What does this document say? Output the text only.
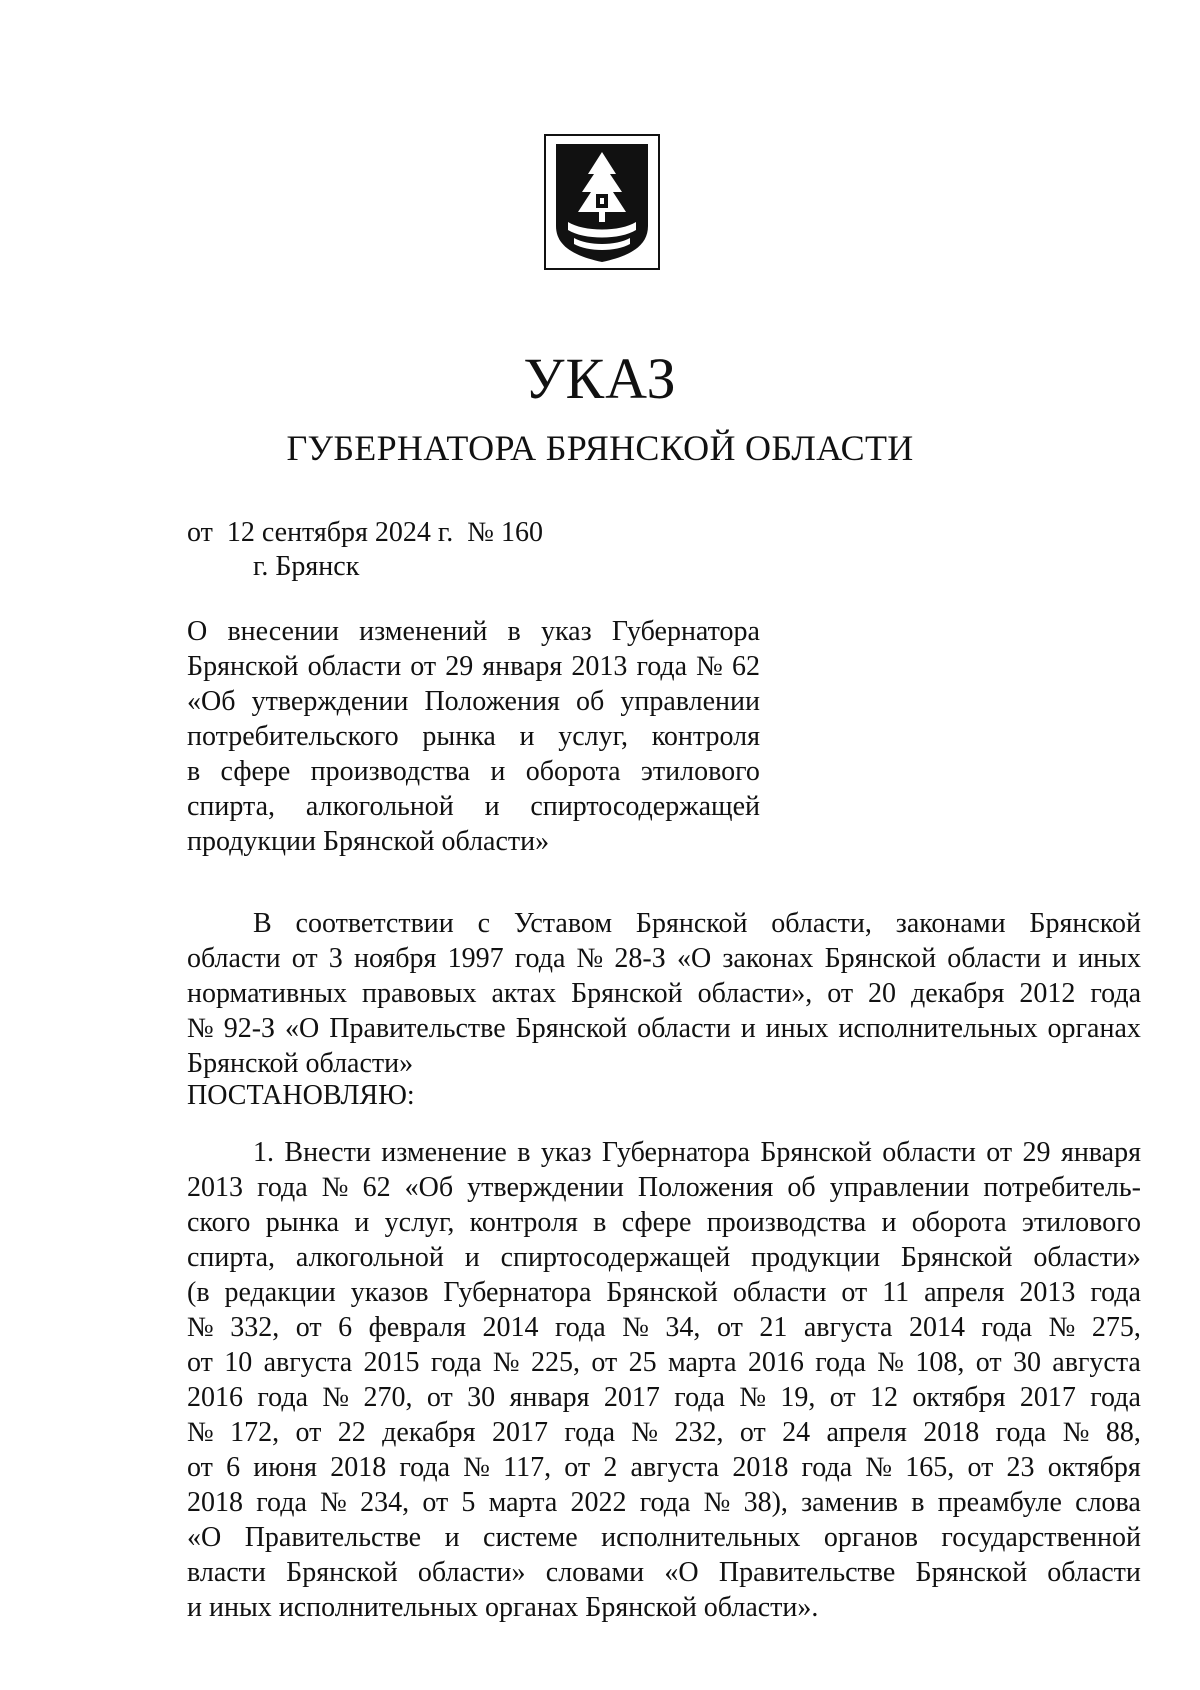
УКАЗ
ГУБЕРНАТОРА БРЯНСКОЙ ОБЛАСТИ
от  12 сентября 2024 г.  № 160
г. Брянск
О внесении изменений в указ Губернатора
Брянской области от 29 января 2013 года № 62
«Об утверждении Положения об управлении
потребительского рынка и услуг, контроля
в сфере производства и оборота этилового
спирта, алкогольной и спиртосодержащей
продукции Брянской области»
В соответствии с Уставом Брянской области, законами Брянской
области от 3 ноября 1997 года № 28-З «О законах Брянской области и иных
нормативных правовых актах Брянской области», от 20 декабря 2012 года
№ 92-З «О Правительстве Брянской области и иных исполнительных органах
Брянской области»
ПОСТАНОВЛЯЮ:
1. Внести изменение в указ Губернатора Брянской области от 29 января
2013 года № 62 «Об утверждении Положения об управлении потребитель-
ского рынка и услуг, контроля в сфере производства и оборота этилового
спирта, алкогольной и спиртосодержащей продукции Брянской области»
(в редакции указов Губернатора Брянской области от 11 апреля 2013 года
№ 332, от 6 февраля 2014 года № 34, от 21 августа 2014 года № 275,
от 10 августа 2015 года № 225, от 25 марта 2016 года № 108, от 30 августа
2016 года № 270, от 30 января 2017 года № 19, от 12 октября 2017 года
№ 172, от 22 декабря 2017 года № 232, от 24 апреля 2018 года № 88,
от 6 июня 2018 года № 117, от 2 августа 2018 года № 165, от 23 октября
2018 года № 234, от 5 марта 2022 года № 38), заменив в преамбуле слова
«О Правительстве и системе исполнительных органов государственной
власти Брянской области» словами «О Правительстве Брянской области
и иных исполнительных органах Брянской области».
